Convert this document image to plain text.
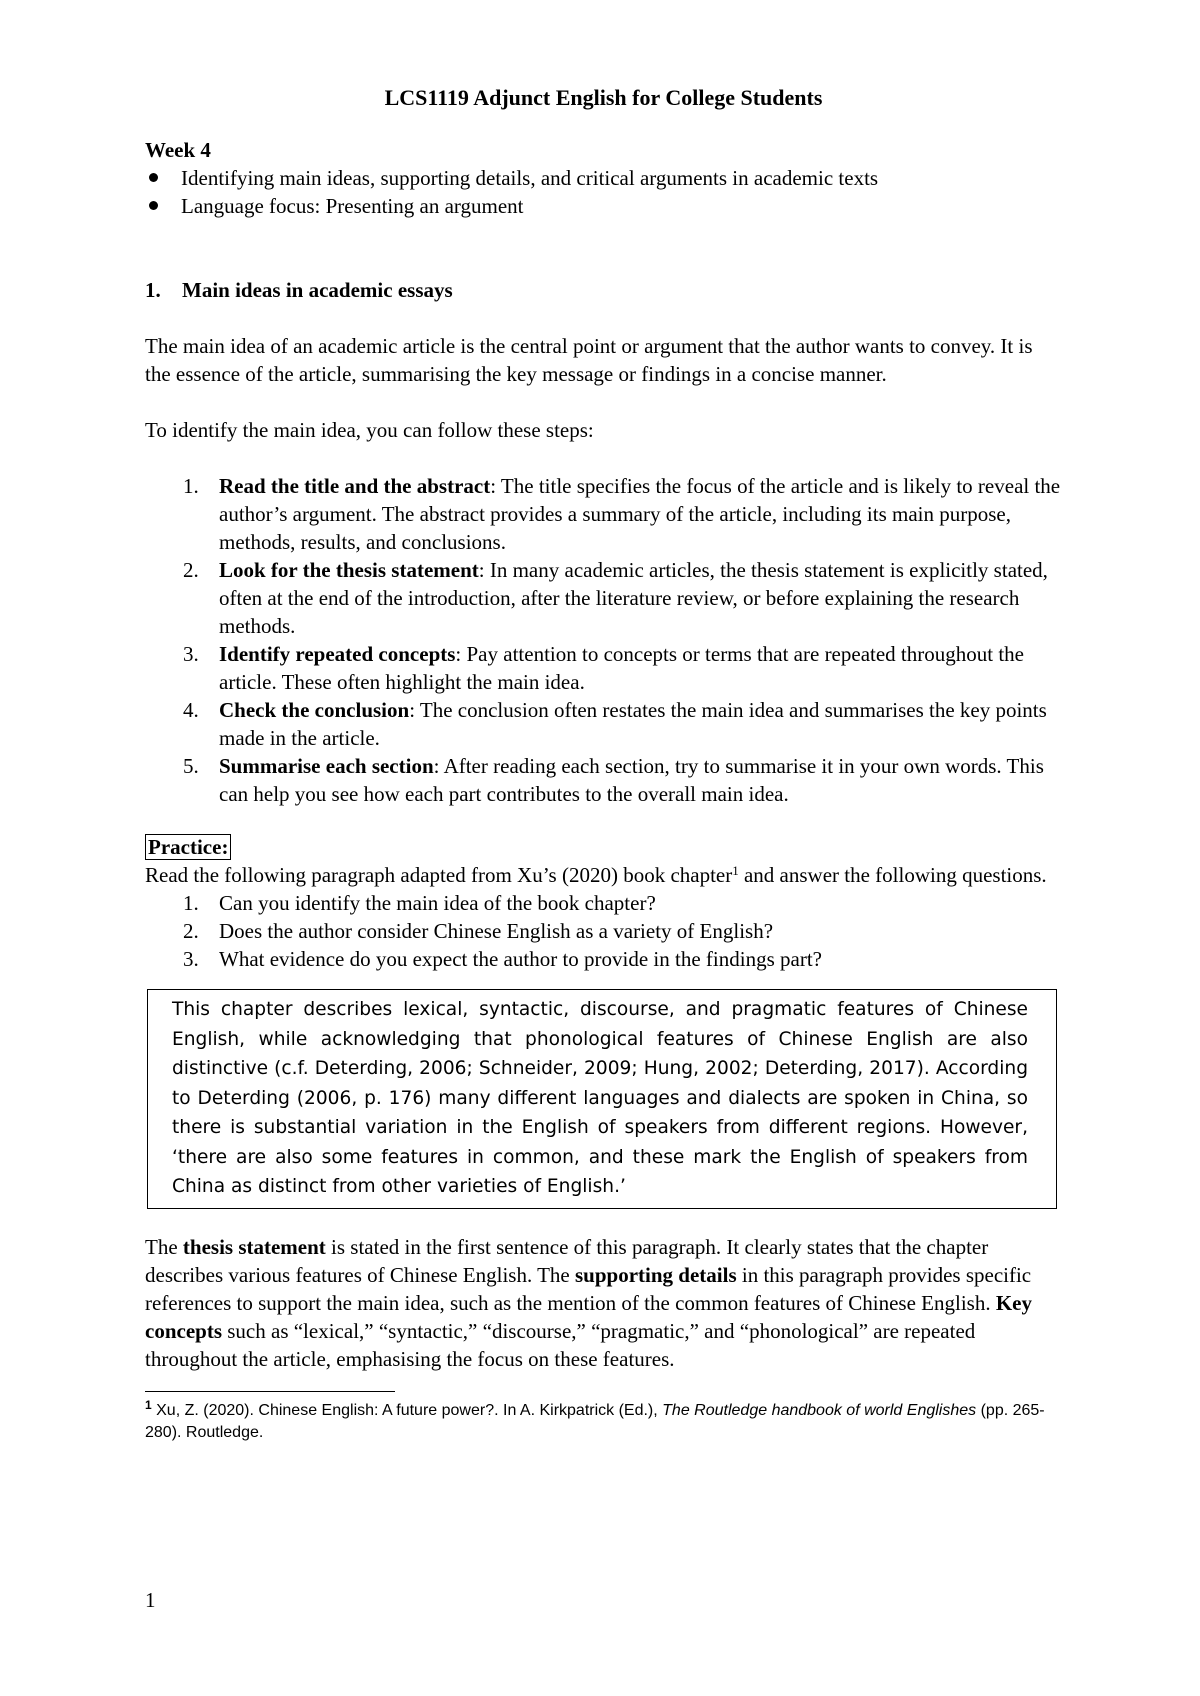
LCS1119 Adjunct English for College Students

Week 4

Identifying main ideas, supporting details, and critical arguments in academic texts
Language focus: Presenting an argument

1. Main ideas in academic essays

The main idea of an academic article is the central point or argument that the author wants to convey. It is the essence of the article, summarising the key message or findings in a concise manner.

To identify the main idea, you can follow these steps:

1. Read the title and the abstract: The title specifies the focus of the article and is likely to reveal the author’s argument. The abstract provides a summary of the article, including its main purpose, methods, results, and conclusions.
2. Look for the thesis statement: In many academic articles, the thesis statement is explicitly stated, often at the end of the introduction, after the literature review, or before explaining the research methods.
3. Identify repeated concepts: Pay attention to concepts or terms that are repeated throughout the article. These often highlight the main idea.
4. Check the conclusion: The conclusion often restates the main idea and summarises the key points made in the article.
5. Summarise each section: After reading each section, try to summarise it in your own words. This can help you see how each part contributes to the overall main idea.
Practice:

Read the following paragraph adapted from Xu’s (2020) book chapter$^1$ and answer the following questions.

1. Can you identify the main idea of the book chapter?
2. Does the author consider Chinese English as a variety of English?
3. What evidence do you expect the author to provide in the findings part?
This chapter describes lexical, syntactic, discourse, and pragmatic features of Chinese English, while acknowledging that phonological features of Chinese English are also distinctive (c.f. Deterding, 2006; Schneider, 2009; Hung, 2002; Deterding, 2017). According to Deterding (2006, p. 176) many different languages and dialects are spoken in China, so there is substantial variation in the English of speakers from different regions. However, ‘there are also some features in common, and these mark the English of speakers from China as distinct from other varieties of English.’

The thesis statement is stated in the first sentence of this paragraph. It clearly states that the chapter describes various features of Chinese English. The supporting details in this paragraph provides specific references to support the main idea, such as the mention of the common features of Chinese English. Key concepts such as “lexical,” “syntactic,” “discourse,” “pragmatic,” and “phonological” are repeated throughout the article, emphasising the focus on these features.

$^1$ Xu, Z. (2020). Chinese English: A future power?. In A. Kirkpatrick (Ed.), The Routledge handbook of world Englishes (pp. 265-280). Routledge.

1
